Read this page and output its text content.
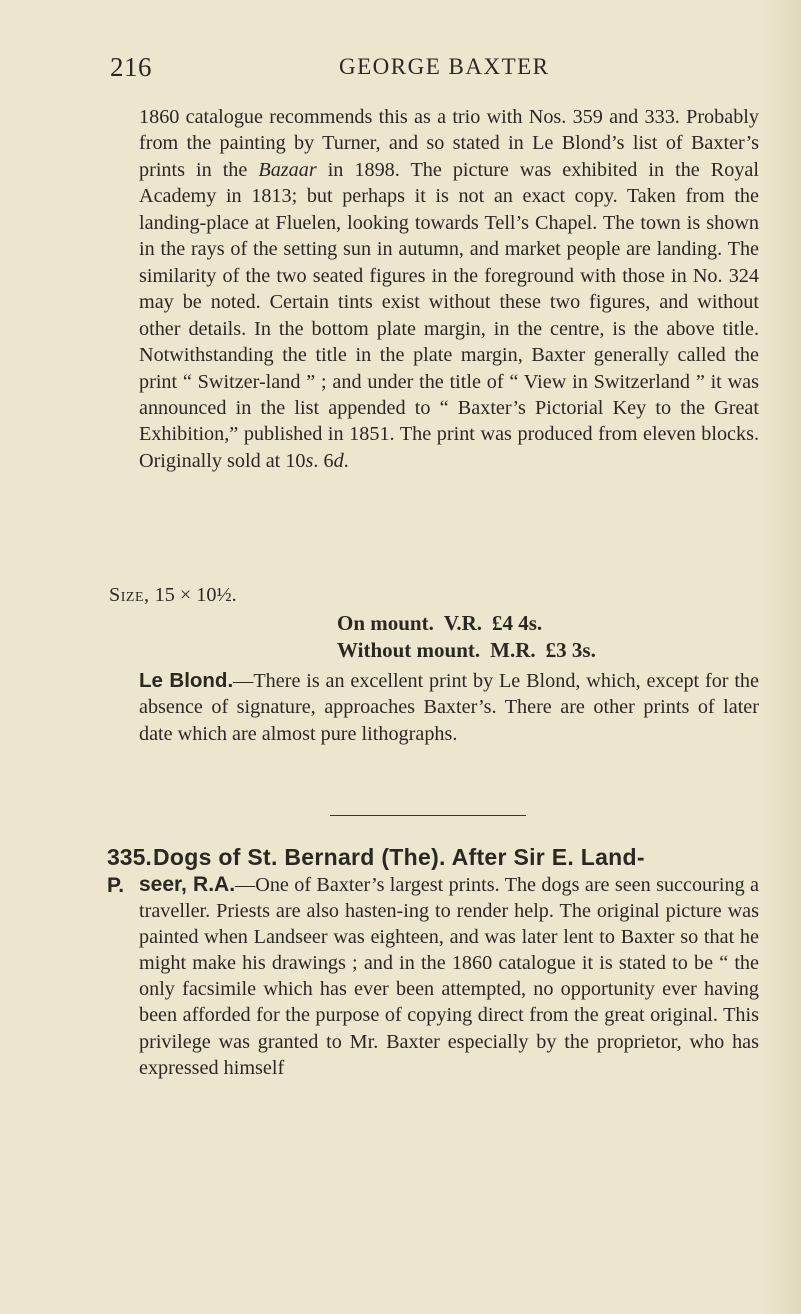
216	GEORGE BAXTER
1860 catalogue recommends this as a trio with Nos. 359 and 333. Probably from the painting by Turner, and so stated in Le Blond’s list of Baxter’s prints in the Bazaar in 1898. The picture was exhibited in the Royal Academy in 1813; but perhaps it is not an exact copy. Taken from the landing-place at Fluelen, looking towards Tell’s Chapel. The town is shown in the rays of the setting sun in autumn, and market people are landing. The similarity of the two seated figures in the foreground with those in No. 324 may be noted. Certain tints exist without these two figures, and without other details. In the bottom plate margin, in the centre, is the above title. Notwithstanding the title in the plate margin, Baxter generally called the print “ Switzer-land ” ; and under the title of “ View in Switzerland ” it was announced in the list appended to “ Baxter’s Pictorial Key to the Great Exhibition,” published in 1851. The print was produced from eleven blocks. Originally sold at 10s. 6d.
Size, 15 × 10½.
On mount. V.R. £4 4s.
Without mount. M.R. £3 3s.
Le Blond.—There is an excellent print by Le Blond, which, except for the absence of signature, approaches Baxter’s. There are other prints of later date which are almost pure lithographs.
335.
P.
Dogs of St. Bernard (The). After Sir E. Land-
seer, R.A.—One of Baxter’s largest prints. The dogs are seen succouring a traveller. Priests are also hasten-ing to render help. The original picture was painted when Landseer was eighteen, and was later lent to Baxter so that he might make his drawings ; and in the 1860 catalogue it is stated to be “ the only facsimile which has ever been attempted, no opportunity ever having been afforded for the purpose of copying direct from the great original. This privilege was granted to Mr. Baxter especially by the proprietor, who has expressed himself
